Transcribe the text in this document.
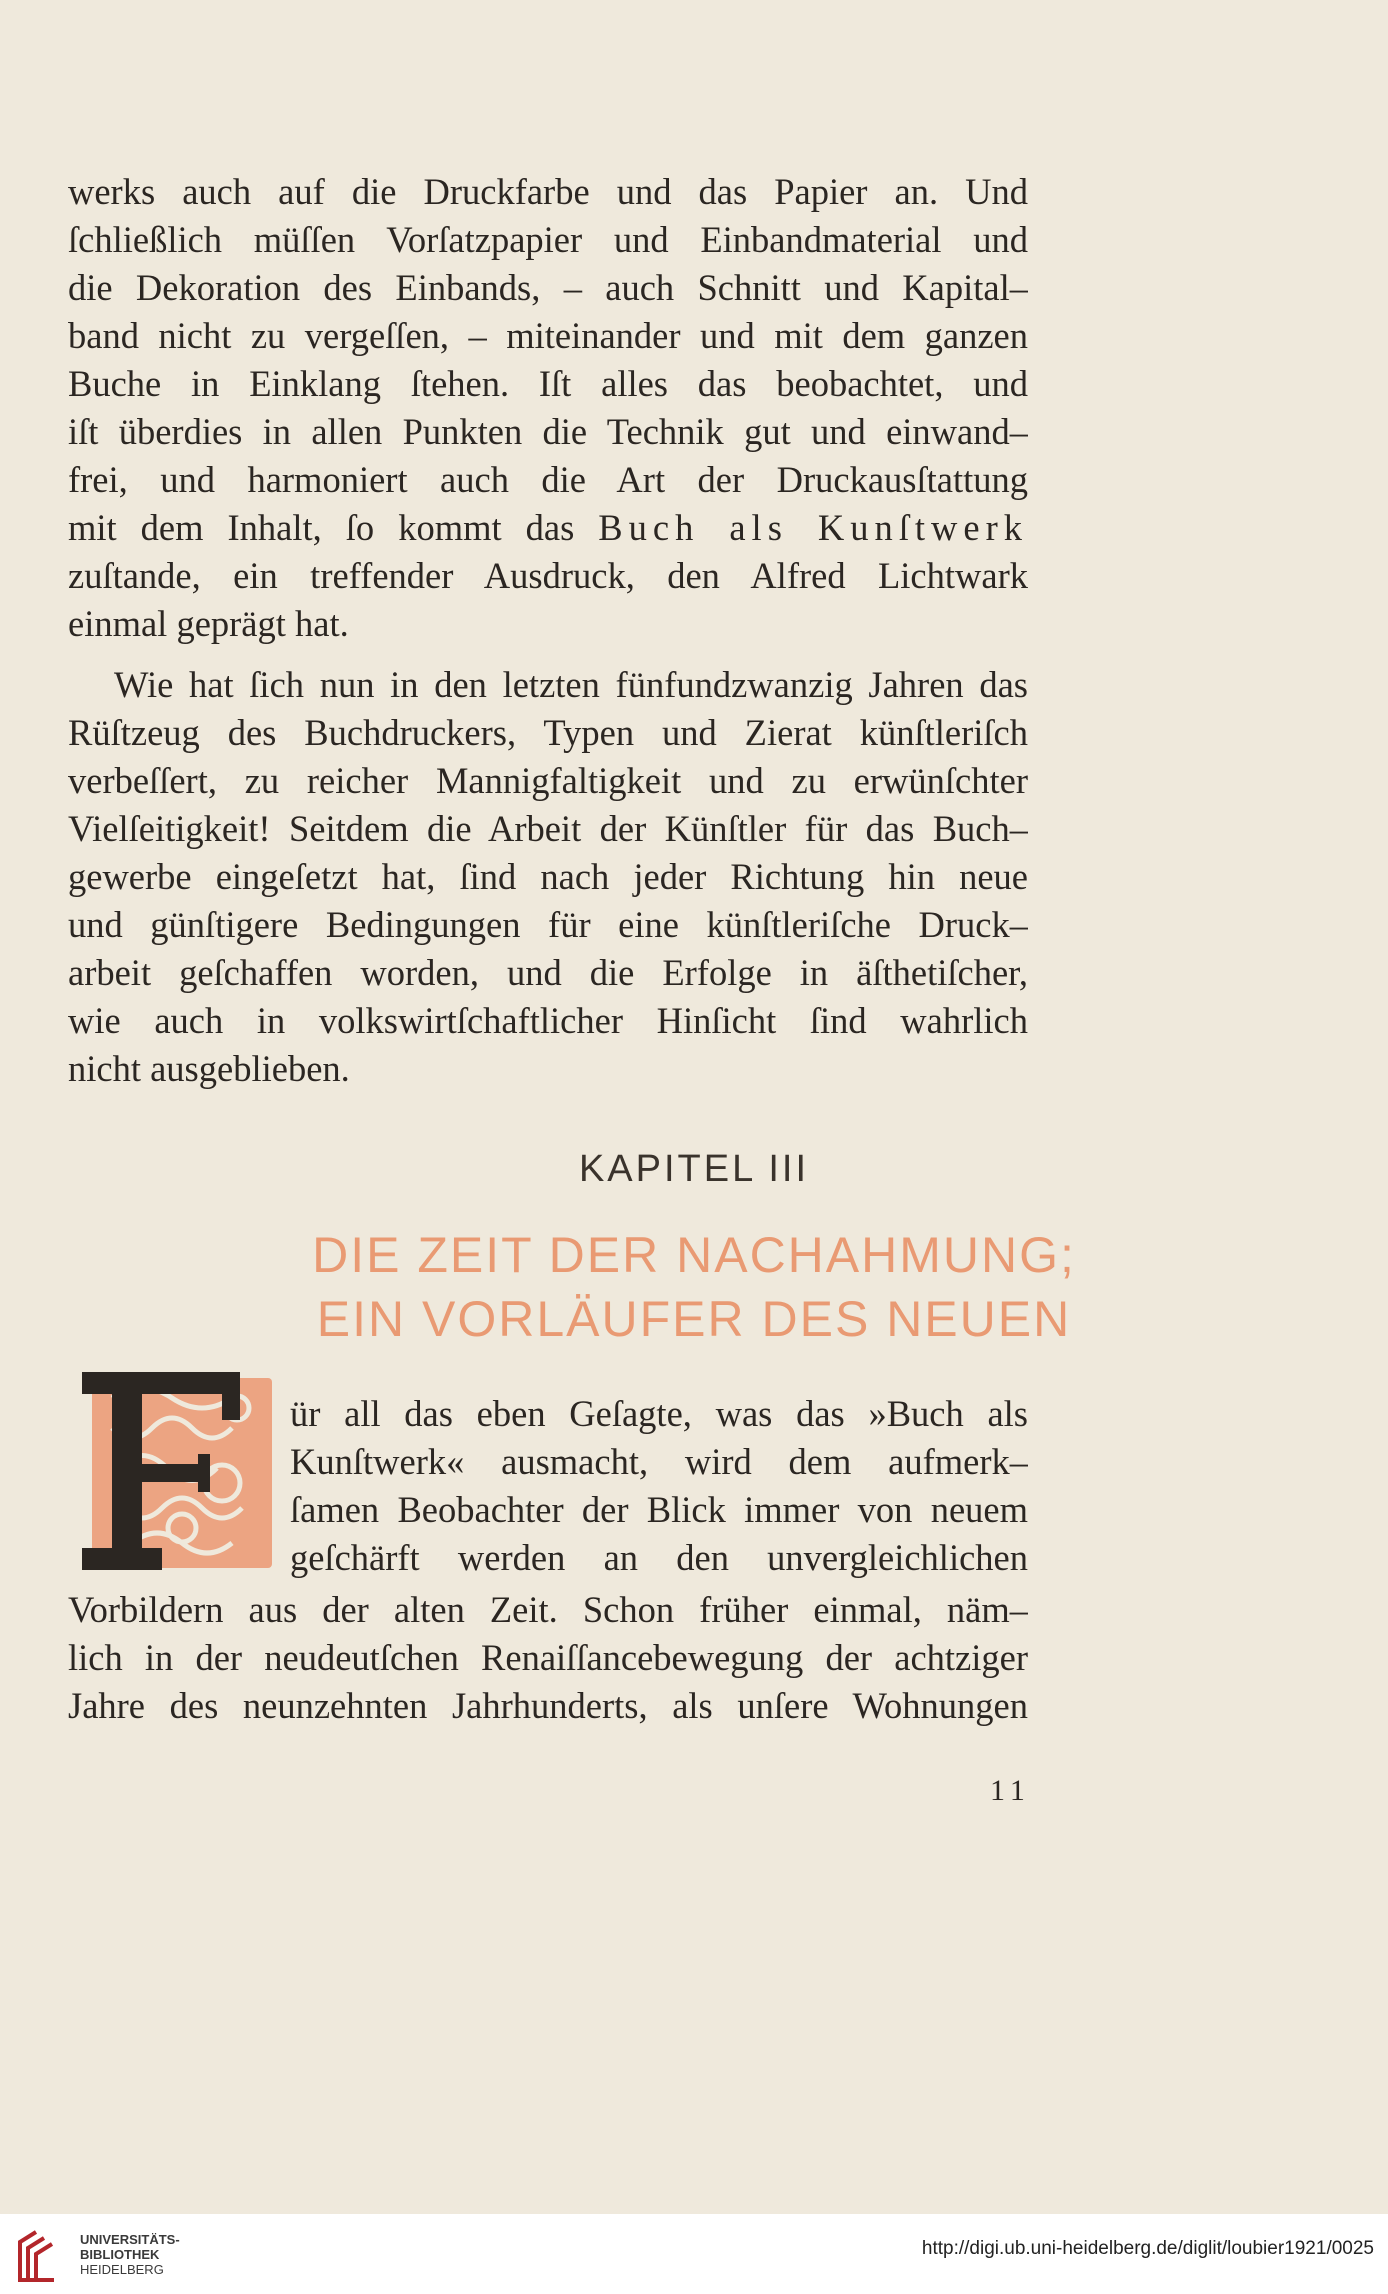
werks auch auf die Druckfarbe und das Papier an. Und
ſchließlich müſſen Vorſatzpapier und Einbandmaterial und
die Dekoration des Einbands, – auch Schnitt und Kapital–
band nicht zu vergeſſen, – miteinander und mit dem ganzen
Buche in Einklang ſtehen. Iſt alles das beobachtet, und
iſt überdies in allen Punkten die Technik gut und einwand–
frei, und harmoniert auch die Art der Druckausſtattung
mit dem Inhalt, ſo kommt das Buch als Kunſtwerk
zuſtande, ein treffender Ausdruck, den Alfred Lichtwark
einmal geprägt hat.
Wie hat ſich nun in den letzten fünfundzwanzig Jahren das
Rüſtzeug des Buchdruckers, Typen und Zierat künſtleriſch
verbeſſert, zu reicher Mannigfaltigkeit und zu erwünſchter
Vielſeitigkeit! Seitdem die Arbeit der Künſtler für das Buch–
gewerbe eingeſetzt hat, ſind nach jeder Richtung hin neue
und günſtigere Bedingungen für eine künſtleriſche Druck–
arbeit geſchaffen worden, und die Erfolge in äſthetiſcher,
wie auch in volkswirtſchaftlicher Hinſicht ſind wahrlich
nicht ausgeblieben.
KAPITEL III
DIE ZEIT DER NACHAHMUNG;
EIN VORLÄUFER DES NEUEN
ür all das eben Geſagte, was das »Buch als
Kunſtwerk« ausmacht, wird dem aufmerk–
ſamen Beobachter der Blick immer von neuem
geſchärft werden an den unvergleichlichen
Vorbildern aus der alten Zeit. Schon früher einmal, näm–
lich in der neudeutſchen Renaiſſancebewegung der achtziger
Jahre des neunzehnten Jahrhunderts, als unſere Wohnungen
11
UNIVERSITÄTS-
BIBLIOTHEK
HEIDELBERG
http://digi.ub.uni-heidelberg.de/diglit/loubier1921/0025
